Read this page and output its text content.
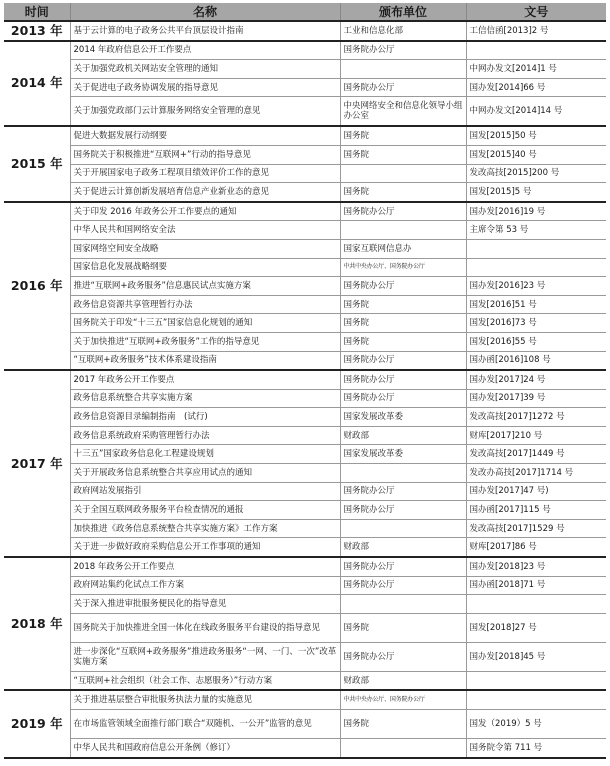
时间	名称	颁布单位	文号
2013 年	基于云计算的电子政务公共平台顶层设计指南	工业和信息化部	工信信函[2013]2 号
2014 年	2014 年政府信息公开工作要点	国务院办公厅	
	关于加强党政机关网站安全管理的通知		中网办发文[2014]1 号
	关于促进电子政务协调发展的指导意见	国务院办公厅	国办发[2014]66 号
	关于加强党政部门云计算服务网络安全管理的意见	中央网络安全和信息化领导小组办公室	中网办发文[2014]14 号
2015 年	促进大数据发展行动纲要	国务院	国发[2015]50 号
	国务院关于积极推进“互联网+”行动的指导意见	国务院	国发[2015]40 号
	关于开展国家电子政务工程项目绩效评价工作的意见		发改高技[2015]200 号
	关于促进云计算创新发展培育信息产业新业态的意见	国务院	国发[2015]5 号
2016 年	关于印发 2016 年政务公开工作要点的通知	国务院办公厅	国办发[2016]19 号
	中华人民共和国网络安全法		主席令第 53 号
	国家网络空间安全战略	国家互联网信息办	
	国家信息化发展战略纲要	中共中央办公厅、国务院办公厅	
	推进“互联网+政务服务”信息惠民试点实施方案	国务院办公厅	国办发[2016]23 号
	政务信息资源共享管理暂行办法	国务院	国发[2016]51 号
	国务院关于印发“十三五”国家信息化规划的通知	国务院	国发[2016]73 号
	关于加快推进“互联网+政务服务”工作的指导意见	国务院	国发[2016]55 号
	“互联网+政务服务”技术体系建设指南	国务院办公厅	国办函[2016]108 号
2017 年	2017 年政务公开工作要点	国务院办公厅	国办发[2017]24 号
	政务信息系统整合共享实施方案	国务院办公厅	国办发[2017]39 号
	政务信息资源目录编制指南　(试行)	国家发展改革委	发改高技[2017]1272 号
	政务信息系统政府采购管理暂行办法	财政部	财库[2017]210 号
	十三五”国家政务信息化工程建设规划	国家发展改革委	发改高技[2017]1449 号
	关于开展政务信息系统整合共享应用试点的通知		发改办高技[2017]1714 号
	政府网站发展指引	国务院办公厅	国办发[2017]47 号)
	关于全国互联网政务服务平台检查情况的通报	国务院办公厅	国办函[2017]115 号
	加快推进《政务信息系统整合共享实施方案》工作方案		发改高技[2017]1529 号
	关于进一步做好政府采购信息公开工作事项的通知	财政部	财库[2017]86 号
2018 年	2018 年政务公开工作要点	国务院办公厅	国办发[2018]23 号
	政府网站集约化试点工作方案	国务院办公厅	国办函[2018]71 号
	关于深入推进审批服务便民化的指导意见		
	国务院关于加快推进全国一体化在线政务服务平台建设的指导意见	国务院	国发[2018]27 号
	进一步深化“互联网+政务服务”推进政务服务“一网、一门、一次”改革实施方案	国务院办公厅	国办发[2018]45 号
	“互联网+社会组织（社会工作、志愿服务）”行动方案	财政部	
2019 年	关于推进基层整合审批服务执法力量的实施意见	中共中央办公厅、国务院办公厅	
	在市场监管领域全面推行部门联合“双随机、一公开”监管的意见	国务院	国发（2019）5 号
	中华人民共和国政府信息公开条例（修订）		国务院令第 711 号
